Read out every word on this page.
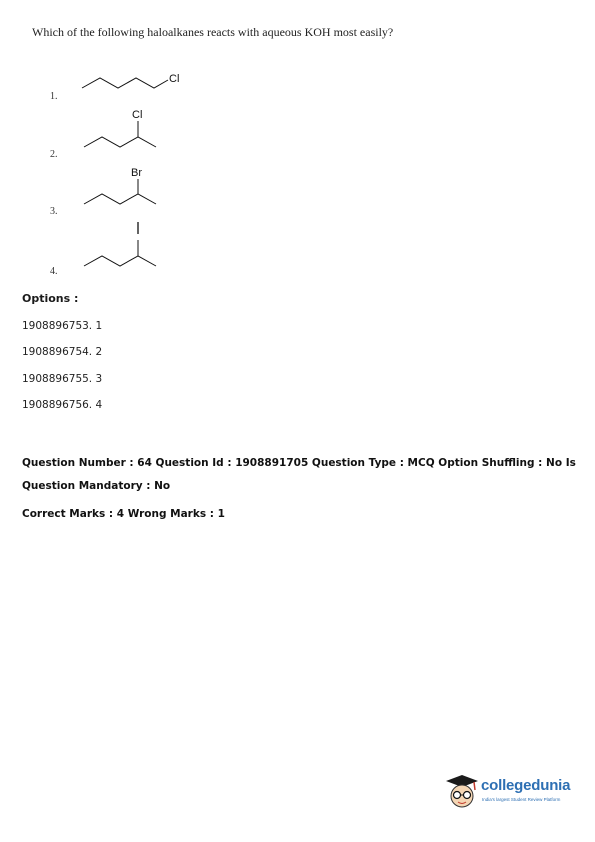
Which of the following haloalkanes reacts with aqueous KOH most easily?
1.
Cl
2.
Cl
3.
Br
4.
Options :
1908896753. 1
1908896754. 2
1908896755. 3
1908896756. 4
Question Number : 64 Question Id : 1908891705 Question Type : MCQ Option Shuffling : No Is
Question Mandatory : No
Correct Marks : 4 Wrong Marks : 1
collegedunia
India's largest Student Review Platform
